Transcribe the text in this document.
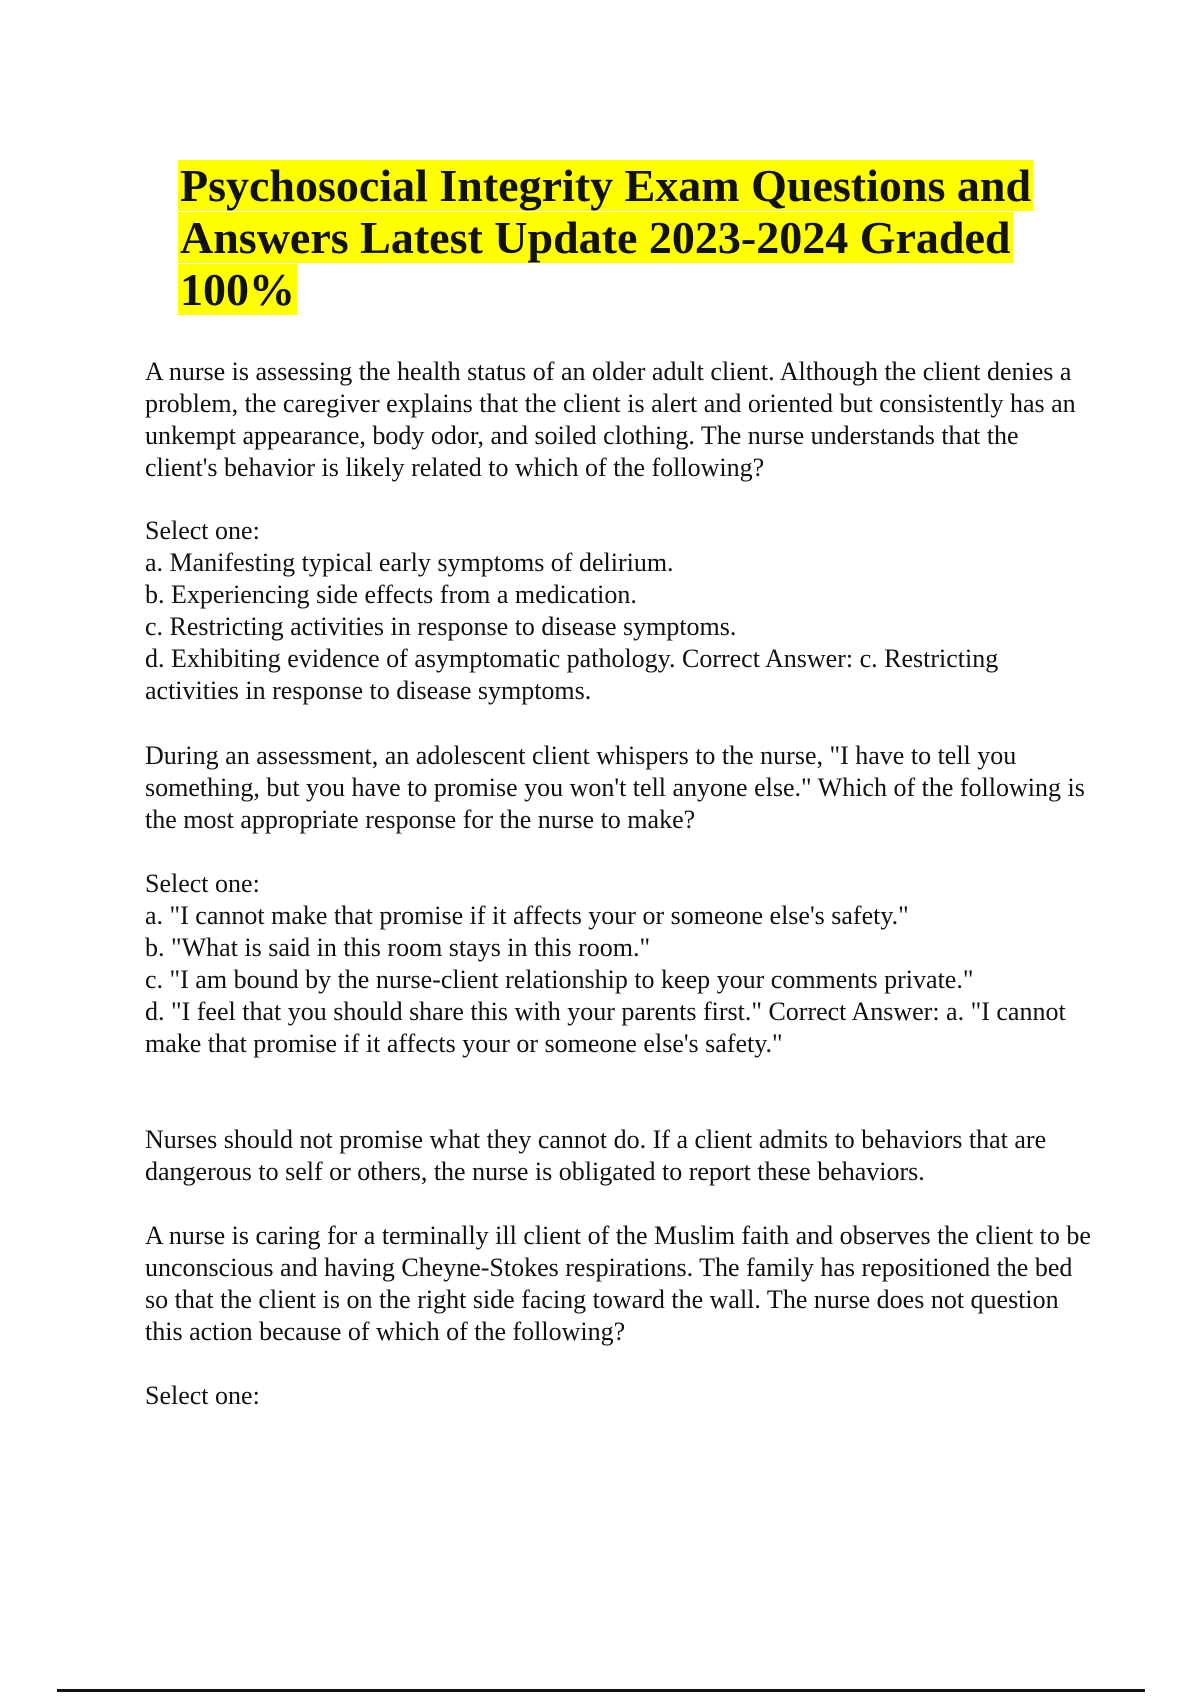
Psychosocial Integrity Exam Questions and Answers Latest Update 2023-2024 Graded 100%

A nurse is assessing the health status of an older adult client. Although the client denies a problem, the caregiver explains that the client is alert and oriented but consistently has an unkempt appearance, body odor, and soiled clothing. The nurse understands that the client's behavior is likely related to which of the following?

Select one:
a. Manifesting typical early symptoms of delirium.
b. Experiencing side effects from a medication.
c. Restricting activities in response to disease symptoms.
d. Exhibiting evidence of asymptomatic pathology. Correct Answer: c. Restricting activities in response to disease symptoms.

During an assessment, an adolescent client whispers to the nurse, "I have to tell you something, but you have to promise you won't tell anyone else." Which of the following is the most appropriate response for the nurse to make?

Select one:
a. "I cannot make that promise if it affects your or someone else's safety."
b. "What is said in this room stays in this room."
c. "I am bound by the nurse-client relationship to keep your comments private."
d. "I feel that you should share this with your parents first." Correct Answer: a. "I cannot make that promise if it affects your or someone else's safety."

Nurses should not promise what they cannot do. If a client admits to behaviors that are dangerous to self or others, the nurse is obligated to report these behaviors.

A nurse is caring for a terminally ill client of the Muslim faith and observes the client to be unconscious and having Cheyne-Stokes respirations. The family has repositioned the bed so that the client is on the right side facing toward the wall. The nurse does not question this action because of which of the following?

Select one:
